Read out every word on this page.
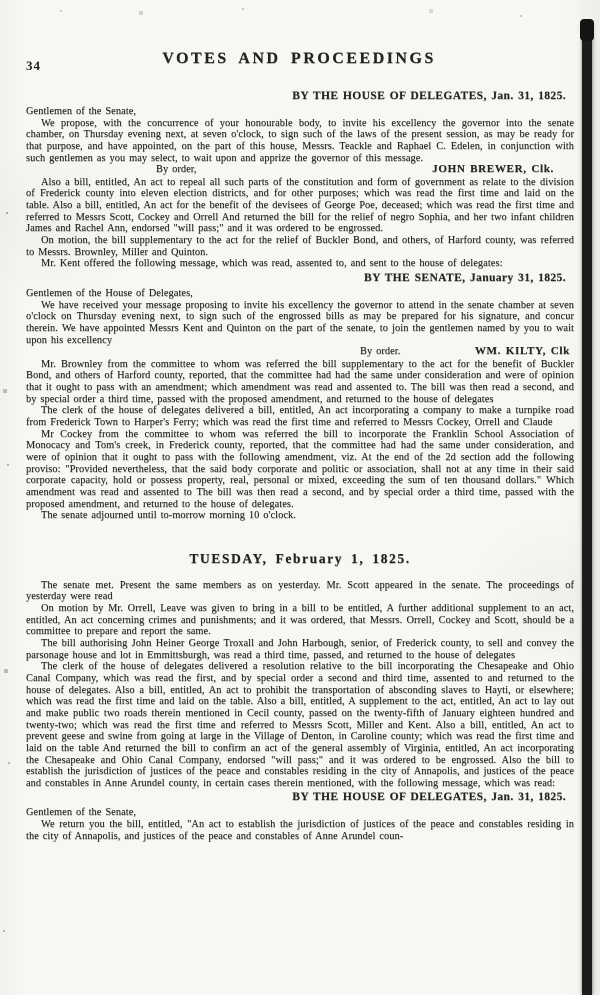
34	VOTES AND PROCEEDINGS
BY THE HOUSE OF DELEGATES, Jan. 31, 1825.

Gentlemen of the Senate,

We propose, with the concurrence of your honourable body, to invite his excellency the governor into the senate chamber, on Thursday evening next, at seven o'clock, to sign such of the laws of the present session, as may be ready for that purpose, and have appointed, on the part of this house, Messrs. Teackle and Raphael C. Edelen, in conjunction with such gentlemen as you may select, to wait upon and apprize the governor of this message.

By order,	JOHN BREWER, Clk.

Also a bill, entitled, An act to repeal all such parts of the constitution and form of government as relate to the division of Frederick county into eleven election districts, and for other purposes; which was read the first time and laid on the table. Also a bill, entitled, An act for the benefit of the devisees of George Poe, deceased; which was read the first time and referred to Messrs Scott, Cockey and Orrell And returned the bill for the relief of negro Sophia, and her two infant children James and Rachel Ann, endorsed "will pass;" and it was ordered to be engrossed.

On motion, the bill supplementary to the act for the relief of Buckler Bond, and others, of Harford county, was referred to Messrs. Brownley, Miller and Quinton.

Mr. Kent offered the following message, which was read, assented to, and sent to the house of delegates:

BY THE SENATE, January 31, 1825.

Gentlemen of the House of Delegates,

We have received your message proposing to invite his excellency the governor to attend in the senate chamber at seven o'clock on Thursday evening next, to sign such of the engrossed bills as may be prepared for his signature, and concur therein. We have appointed Messrs Kent and Quinton on the part of the senate, to join the gentlemen named by you to wait upon his excellency

By order.	WM. KILTY, Clk

Mr. Brownley from the committee to whom was referred the bill supplementary to the act for the benefit of Buckler Bond, and others of Harford county, reported, that the committee had had the same under consideration and were of opinion that it ought to pass with an amendment; which amendment was read and assented to. The bill was then read a second, and by special order a third time, passed with the proposed amendment, and returned to the house of delegates

The clerk of the house of delegates delivered a bill, entitled, An act incorporating a company to make a turnpike road from Frederick Town to Harper's Ferry; which was read the first time and referred to Messrs Cockey, Orrell and Claude

Mr Cockey from the committee to whom was referred the bill to incorporate the Franklin School Association of Monocacy and Tom's creek, in Frederick county, reported, that the committee had had the same under consideration, and were of opinion that it ought to pass with the following amendment, viz. At the end of the 2d section add the following proviso: "Provided nevertheless, that the said body corporate and politic or association, shall not at any time in their said corporate capacity, hold or possess property, real, personal or mixed, exceeding the sum of ten thousand dollars." Which amendment was read and assented to The bill was then read a second, and by special order a third time, passed with the proposed amendment, and returned to the house of delegates.

The senate adjourned until to-morrow morning 10 o'clock.

TUESDAY, February 1, 1825.

The senate met. Present the same members as on yesterday. Mr. Scott appeared in the senate. The proceedings of yesterday were read

On motion by Mr. Orrell, Leave was given to bring in a bill to be entitled, A further additional supplement to an act, entitled, An act concerning crimes and punishments; and it was ordered, that Messrs. Orrell, Cockey and Scott, should be a committee to prepare and report the same.

The bill authorising John Heiner George Troxall and John Harbough, senior, of Frederick county, to sell and convey the parsonage house and lot in Emmittsburgh, was read a third time, passed, and returned to the house of delegates

The clerk of the house of delegates delivered a resolution relative to the bill incorporating the Chesapeake and Ohio Canal Company, which was read the first, and by special order a second and third time, assented to and returned to the house of delegates. Also a bill, entitled, An act to prohibit the transportation of absconding slaves to Hayti, or elsewhere; which was read the first time and laid on the table. Also a bill, entitled, A supplement to the act, entitled, An act to lay out and make public two roads therein mentioned in Cecil county, passed on the twenty-fifth of January eighteen hundred and twenty-two; which was read the first time and referred to Messrs Scott, Miller and Kent. Also a bill, entitled, An act to prevent geese and swine from going at large in the Village of Denton, in Caroline county; which was read the first time and laid on the table And returned the bill to confirm an act of the general assembly of Virginia, entitled, An act incorporating the Chesapeake and Ohio Canal Company, endorsed "will pass;" and it was ordered to be engrossed. Also the bill to establish the jurisdiction of justices of the peace and constables residing in the city of Annapolis, and justices of the peace and constables in Anne Arundel county, in certain cases therein mentioned, with the following message, which was read:

BY THE HOUSE OF DELEGATES, Jan. 31, 1825.

Gentlemen of the Senate,

We return you the bill, entitled, "An act to establish the jurisdiction of justices of the peace and constables residing in the city of Annapolis, and justices of the peace and constables of Anne Arundel coun-
